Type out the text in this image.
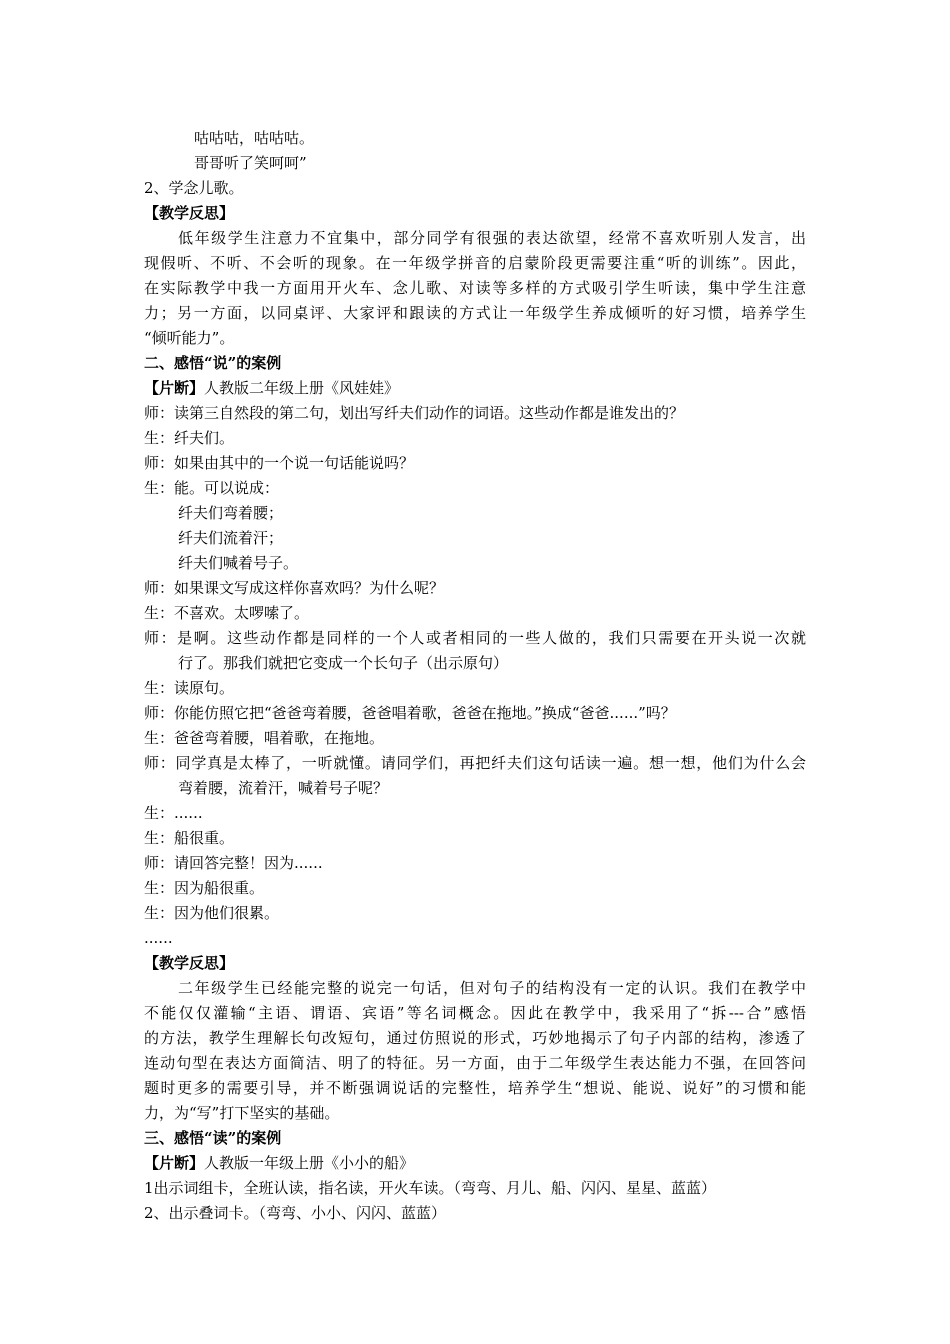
咕咕咕，咕咕咕。
哥哥听了笑呵呵”
2、学念儿歌。
【教学反思】
低年级学生注意力不宜集中，部分同学有很强的表达欲望，经常不喜欢听别人发言，出
现假听、不听、不会听的现象。在一年级学拼音的启蒙阶段更需要注重“听的训练”。因此，
在实际教学中我一方面用开火车、念儿歌、对读等多样的方式吸引学生听读，集中学生注意
力；另一方面，以同桌评、大家评和跟读的方式让一年级学生养成倾听的好习惯，培养学生
“倾听能力”。
二、感悟“说”的案例
【片断】人教版二年级上册《风娃娃》
师：读第三自然段的第二句，划出写纤夫们动作的词语。这些动作都是谁发出的？
生：纤夫们。
师：如果由其中的一个说一句话能说吗？
生：能。可以说成：
纤夫们弯着腰；
纤夫们流着汗；
纤夫们喊着号子。
师：如果课文写成这样你喜欢吗？为什么呢？
生：不喜欢。太啰嗦了。
师：是啊。这些动作都是同样的一个人或者相同的一些人做的，我们只需要在开头说一次就
行了。那我们就把它变成一个长句子（出示原句）
生：读原句。
师：你能仿照它把“爸爸弯着腰，爸爸唱着歌，爸爸在拖地。”换成“爸爸......”吗？
生：爸爸弯着腰，唱着歌，在拖地。
师：同学真是太棒了，一听就懂。请同学们，再把纤夫们这句话读一遍。想一想，他们为什么会
弯着腰，流着汗，喊着号子呢？
生：......
生：船很重。
师：请回答完整！因为......
生：因为船很重。
生：因为他们很累。
......
【教学反思】
二年级学生已经能完整的说完一句话，但对句子的结构没有一定的认识。我们在教学中
不能仅仅灌输“主语、谓语、宾语”等名词概念。因此在教学中，我采用了“拆---合”感悟
的方法，教学生理解长句改短句，通过仿照说的形式，巧妙地揭示了句子内部的结构，渗透了
连动句型在表达方面简洁、明了的特征。另一方面，由于二年级学生表达能力不强，在回答问
题时更多的需要引导，并不断强调说话的完整性，培养学生“想说、能说、说好”的习惯和能
力，为“写”打下坚实的基础。
三、感悟“读”的案例
【片断】人教版一年级上册《小小的船》
1出示词组卡，全班认读，指名读，开火车读。（弯弯、月儿、船、闪闪、星星、蓝蓝）
2、出示叠词卡。（弯弯、小小、闪闪、蓝蓝）
